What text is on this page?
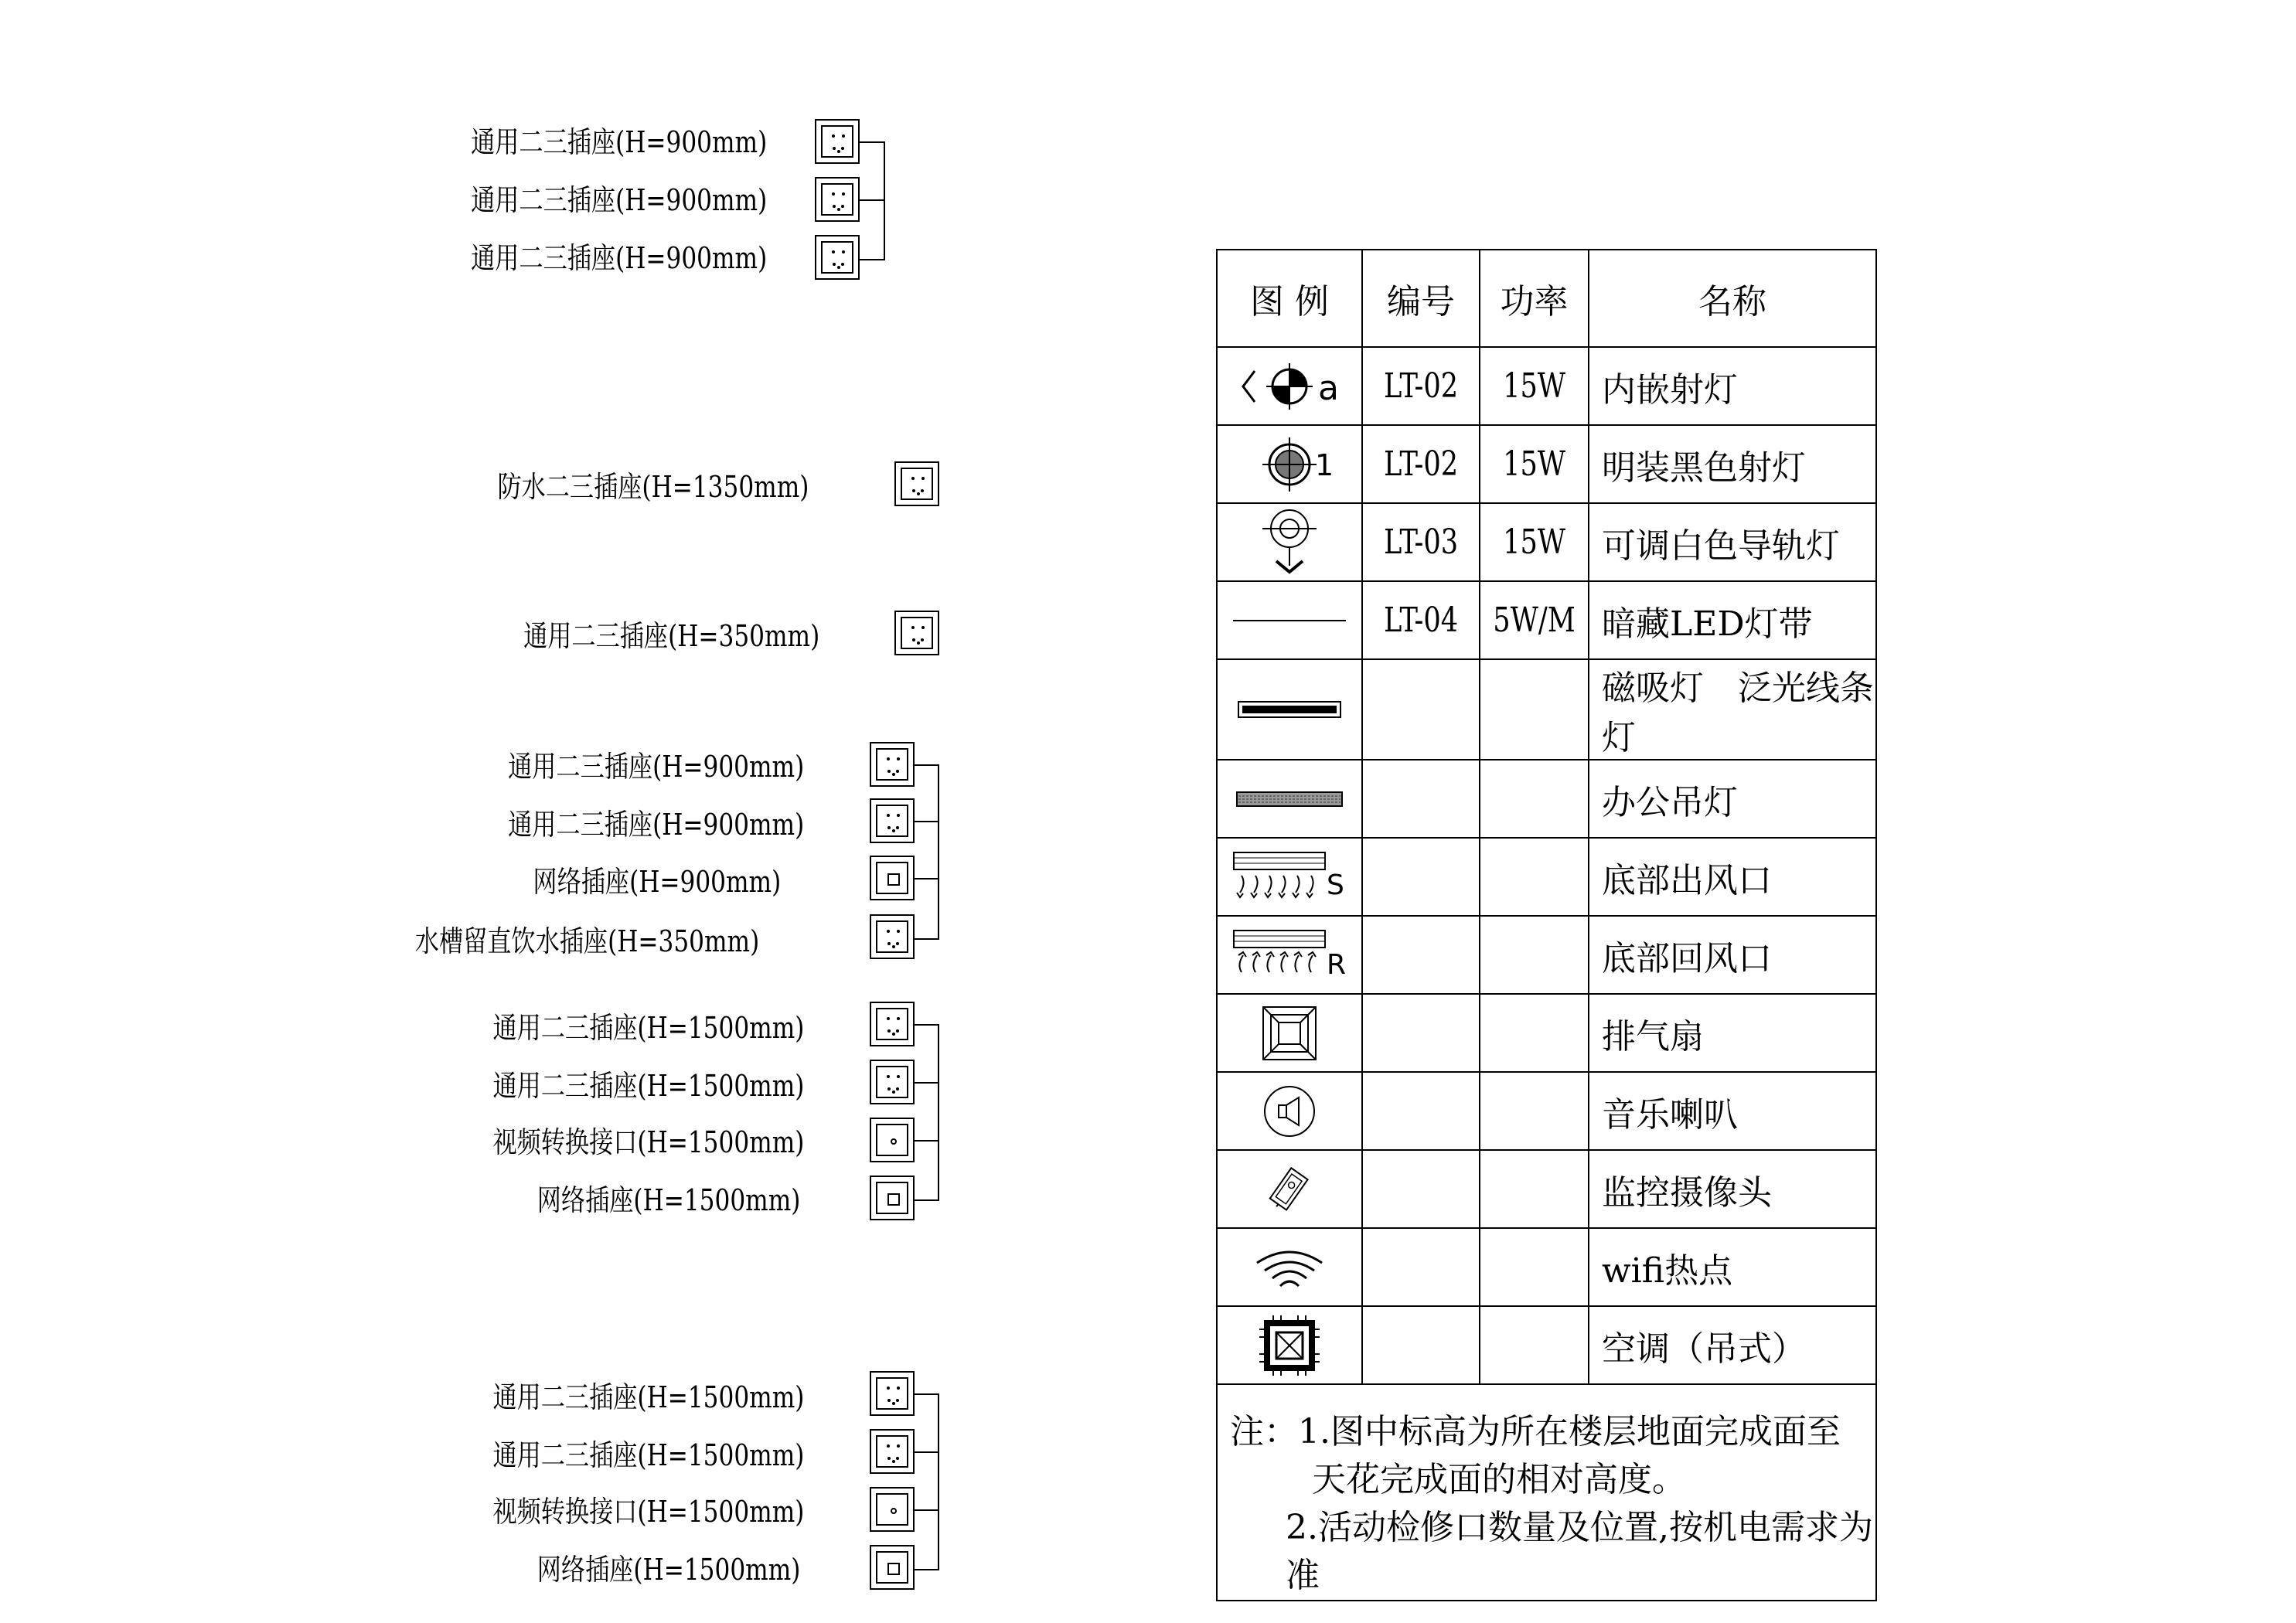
通用二三插座(H=900mm)
通用二三插座(H=900mm)
通用二三插座(H=900mm)
防水二三插座(H=1350mm)
通用二三插座(H=350mm)
通用二三插座(H=900mm)
通用二三插座(H=900mm)
网络插座(H=900mm)
水槽留直饮水插座(H=350mm)
通用二三插座(H=1500mm)
通用二三插座(H=1500mm)
视频转换接口(H=1500mm)
网络插座(H=1500mm)
通用二三插座(H=1500mm)
通用二三插座(H=1500mm)
视频转换接口(H=1500mm)
网络插座(H=1500mm)
图 例	编号	功率	名称

a	LT-02	15W	内嵌射灯

1	LT-02	15W	明装黑色射灯

	LT-03	15W	可调白色导轨灯

	LT-04	5W/M	暗藏LED灯带

			磁吸灯　泛光线条灯

			办公吊灯

S			底部出风口

R			底部回风口

			排气扇

			音乐喇叭

			监控摄像头

			wifi热点

			空调（吊式）

注：1.图中标高为所在楼层地面完成面至
天花完成面的相对高度。
2.活动检修口数量及位置,按机电需求为准			
